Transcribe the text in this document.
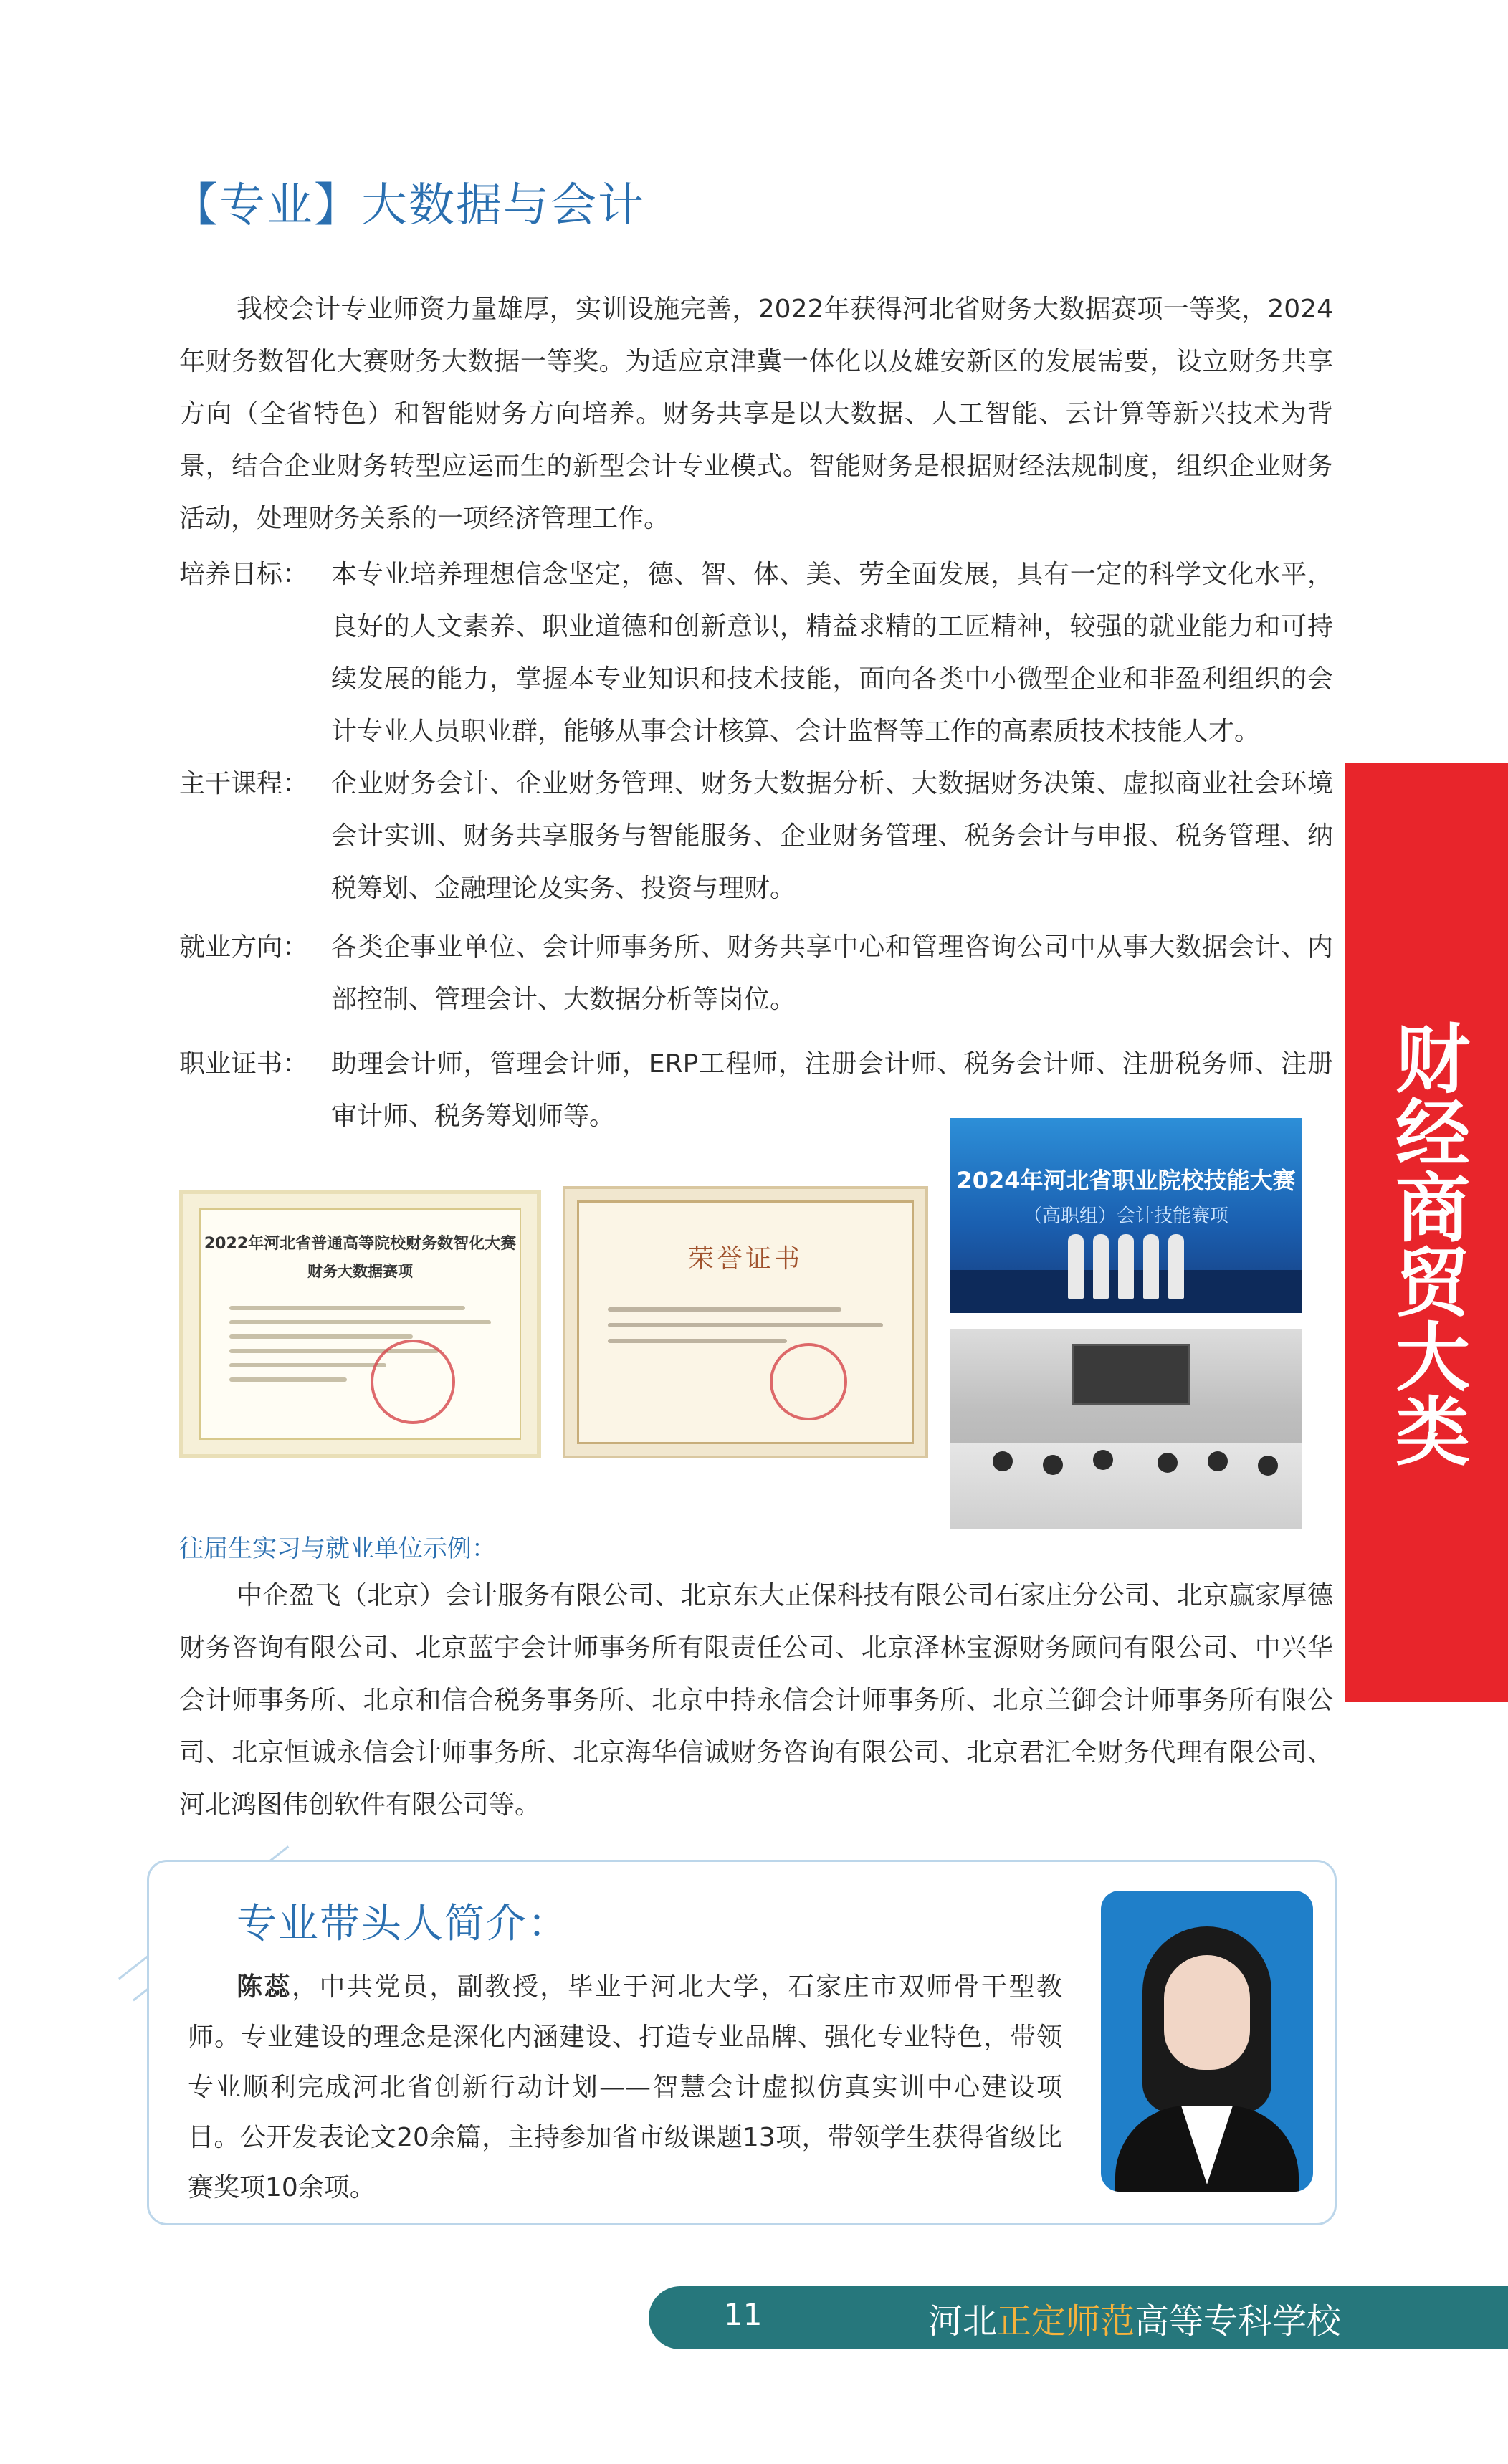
【专业】大数据与会计
我校会计专业师资力量雄厚，实训设施完善，2022年获得河北省财务大数据赛项一等奖，2024年财务数智化大赛财务大数据一等奖。为适应京津冀一体化以及雄安新区的发展需要，设立财务共享方向（全省特色）和智能财务方向培养。财务共享是以大数据、人工智能、云计算等新兴技术为背景，结合企业财务转型应运而生的新型会计专业模式。智能财务是根据财经法规制度，组织企业财务活动，处理财务关系的一项经济管理工作。
培养目标： 本专业培养理想信念坚定，德、智、体、美、劳全面发展，具有一定的科学文化水平，良好的人文素养、职业道德和创新意识，精益求精的工匠精神，较强的就业能力和可持续发展的能力，掌握本专业知识和技术技能，面向各类中小微型企业和非盈利组织的会计专业人员职业群，能够从事会计核算、会计监督等工作的高素质技术技能人才。
主干课程： 企业财务会计、企业财务管理、财务大数据分析、大数据财务决策、虚拟商业社会环境会计实训、财务共享服务与智能服务、企业财务管理、税务会计与申报、税务管理、纳税筹划、金融理论及实务、投资与理财。
就业方向： 各类企事业单位、会计师事务所、财务共享中心和管理咨询公司中从事大数据会计、内部控制、管理会计、大数据分析等岗位。
职业证书： 助理会计师，管理会计师，ERP工程师，注册会计师、税务会计师、注册税务师、注册审计师、税务筹划师等。	财经商贸大类
2022年河北省普通高等院校财务数智化大赛
财务大数据赛项	荣誉证书
2024年河北省职业院校技能大赛
（高职组）会计技能赛项
往届生实习与就业单位示例：
中企盈飞（北京）会计服务有限公司、北京东大正保科技有限公司石家庄分公司、北京赢家厚德财务咨询有限公司、北京蓝宇会计师事务所有限责任公司、北京泽林宝源财务顾问有限公司、中兴华会计师事务所、北京和信合税务事务所、北京中持永信会计师事务所、北京兰御会计师事务所有限公司、北京恒诚永信会计师事务所、北京海华信诚财务咨询有限公司、北京君汇全财务代理有限公司、河北鸿图伟创软件有限公司等。
专业带头人简介：
陈蕊，中共党员，副教授，毕业于河北大学，石家庄市双师骨干型教师。专业建设的理念是深化内涵建设、打造专业品牌、强化专业特色，带领专业顺利完成河北省创新行动计划——智慧会计虚拟仿真实训中心建设项目。公开发表论文20余篇，主持参加省市级课题13项，带领学生获得省级比赛奖项10余项。
11	河北正定师范高等专科学校
